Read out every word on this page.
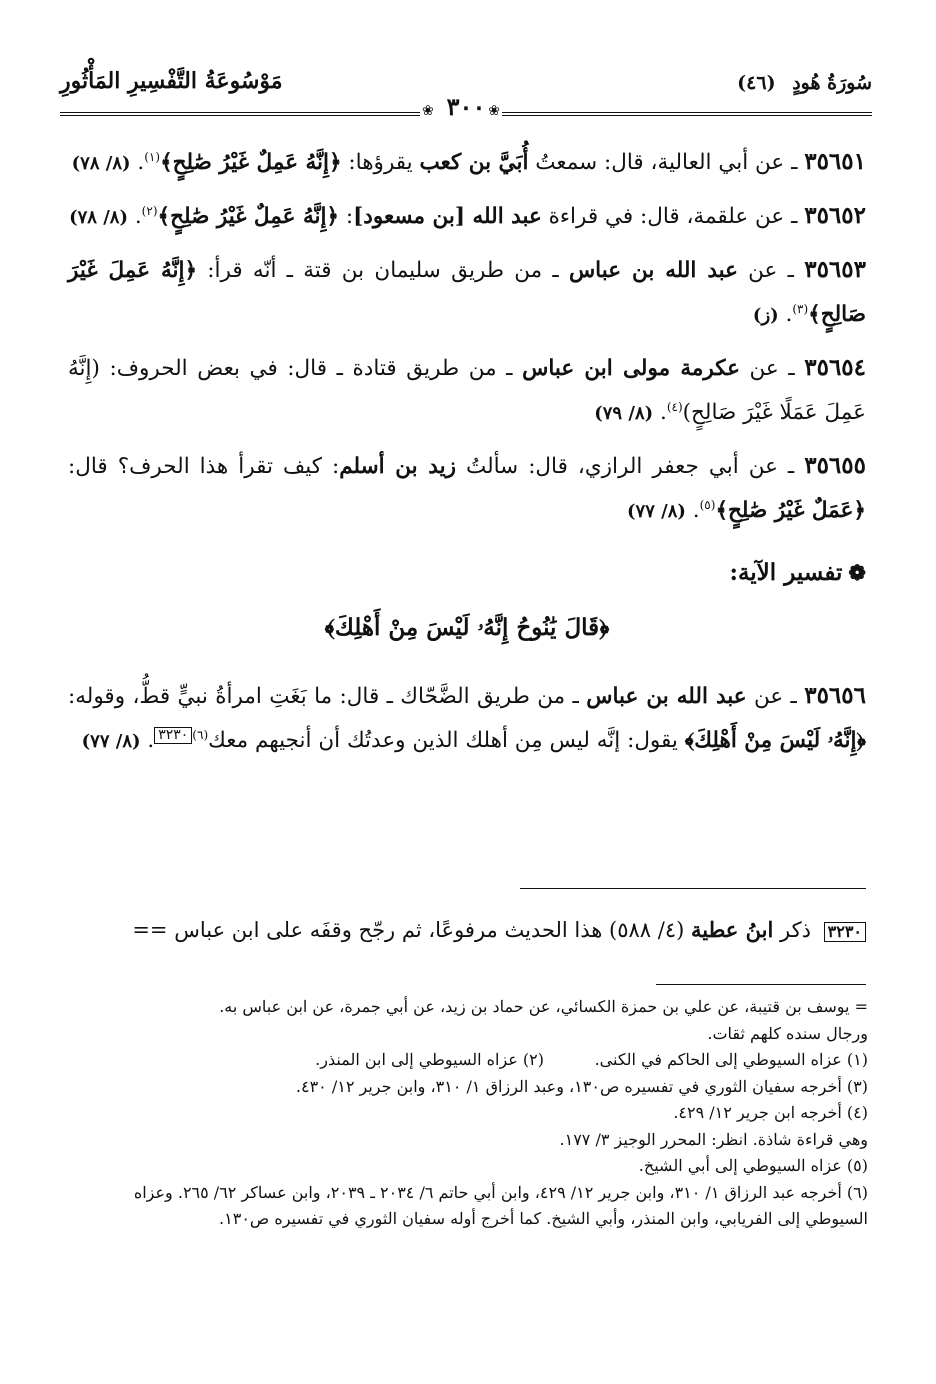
سُورَةُ هُودٍ (٤٦)
مَوْسُوعَةُ التَّفْسِيرِ المَأْثُورِ
❀
❀ ٣٠٠
٣٥٦٥١ ـ عن أبي العالية، قال: سمعتُ أُبَيَّ بن كعب يقرؤها: ﴿إِنَّهُ عَمِلٌ غَيْرُ صَٰلِحٍ﴾$^{(١)}$. (٨/ ٧٨)
٣٥٦٥٢ ـ عن علقمة، قال: في قراءة عبد الله [بن مسعود]: ﴿إِنَّهُ عَمِلٌ غَيْرُ صَٰلِحٍ﴾$^{(٢)}$. (٨/ ٧٨)
٣٥٦٥٣ ـ عن عبد الله بن عباس ـ من طريق سليمان بن قتة ـ أنّه قرأ: ﴿إِنَّهُ عَمِلَ غَيْرَ صَالِحٍ﴾$^{(٣)}$. (ز)
٣٥٦٥٤ ـ عن عكرمة مولى ابن عباس ـ من طريق قتادة ـ قال: في بعض الحروف: (إِنَّهُ عَمِلَ عَمَلًا غَيْرَ صَالِحٍ)$^{(٤)}$. (٨/ ٧٩)
٣٥٦٥٥ ـ عن أبي جعفر الرازي، قال: سألتُ زيد بن أسلم: كيف تقرأ هذا الحرف؟ قال: ﴿عَمَلٌ غَيْرُ صَٰلِحٍ﴾$^{(٥)}$. (٨/ ٧٧)
❁تفسير الآية:
﴿قَالَ يَٰنُوحُ إِنَّهُۥ لَيْسَ مِنْ أَهْلِكَ﴾
٣٥٦٥٦ ـ عن عبد الله بن عباس ـ من طريق الضَّحّاك ـ قال: ما بَغَتِ امرأةُ نبيٍّ قطُّ، وقوله: ﴿إِنَّهُۥ لَيْسَ مِنْ أَهْلِكَ﴾ يقول: إنَّه ليس مِن أهلك الذين وعدتُك أن أنجيهم معك$^{(٦)}$٣٢٣٠. (٨/ ٧٧)
٣٢٣٠ ذكر ابنُ عطية (٤/ ٥٨٨) هذا الحديث مرفوعًا، ثم رجّح وقفَه على ابن عباس ==

= يوسف بن قتيبة، عن علي بن حمزة الكسائي، عن حماد بن زيد، عن أبي جمرة، عن ابن عباس به.

ورجال سنده كلهم ثقات.

(١) عزاه السيوطي إلى الحاكم في الكنى.

(٢) عزاه السيوطي إلى ابن المنذر.

(٣) أخرجه سفيان الثوري في تفسيره ص١٣٠، وعبد الرزاق ١/ ٣١٠، وابن جرير ١٢/ ٤٣٠.

(٤) أخرجه ابن جرير ١٢/ ٤٢٩.

وهي قراءة شاذة. انظر: المحرر الوجيز ٣/ ١٧٧.

(٥) عزاه السيوطي إلى أبي الشيخ.

(٦) أخرجه عبد الرزاق ١/ ٣١٠، وابن جرير ١٢/ ٤٢٩، وابن أبي حاتم ٦/ ٢٠٣٤ ـ ٢٠٣٩، وابن عساكر ٦٢/ ٢٦٥. وعزاه السيوطي إلى الفريابي، وابن المنذر، وأبي الشيخ. كما أخرج أوله سفيان الثوري في تفسيره ص١٣٠.
